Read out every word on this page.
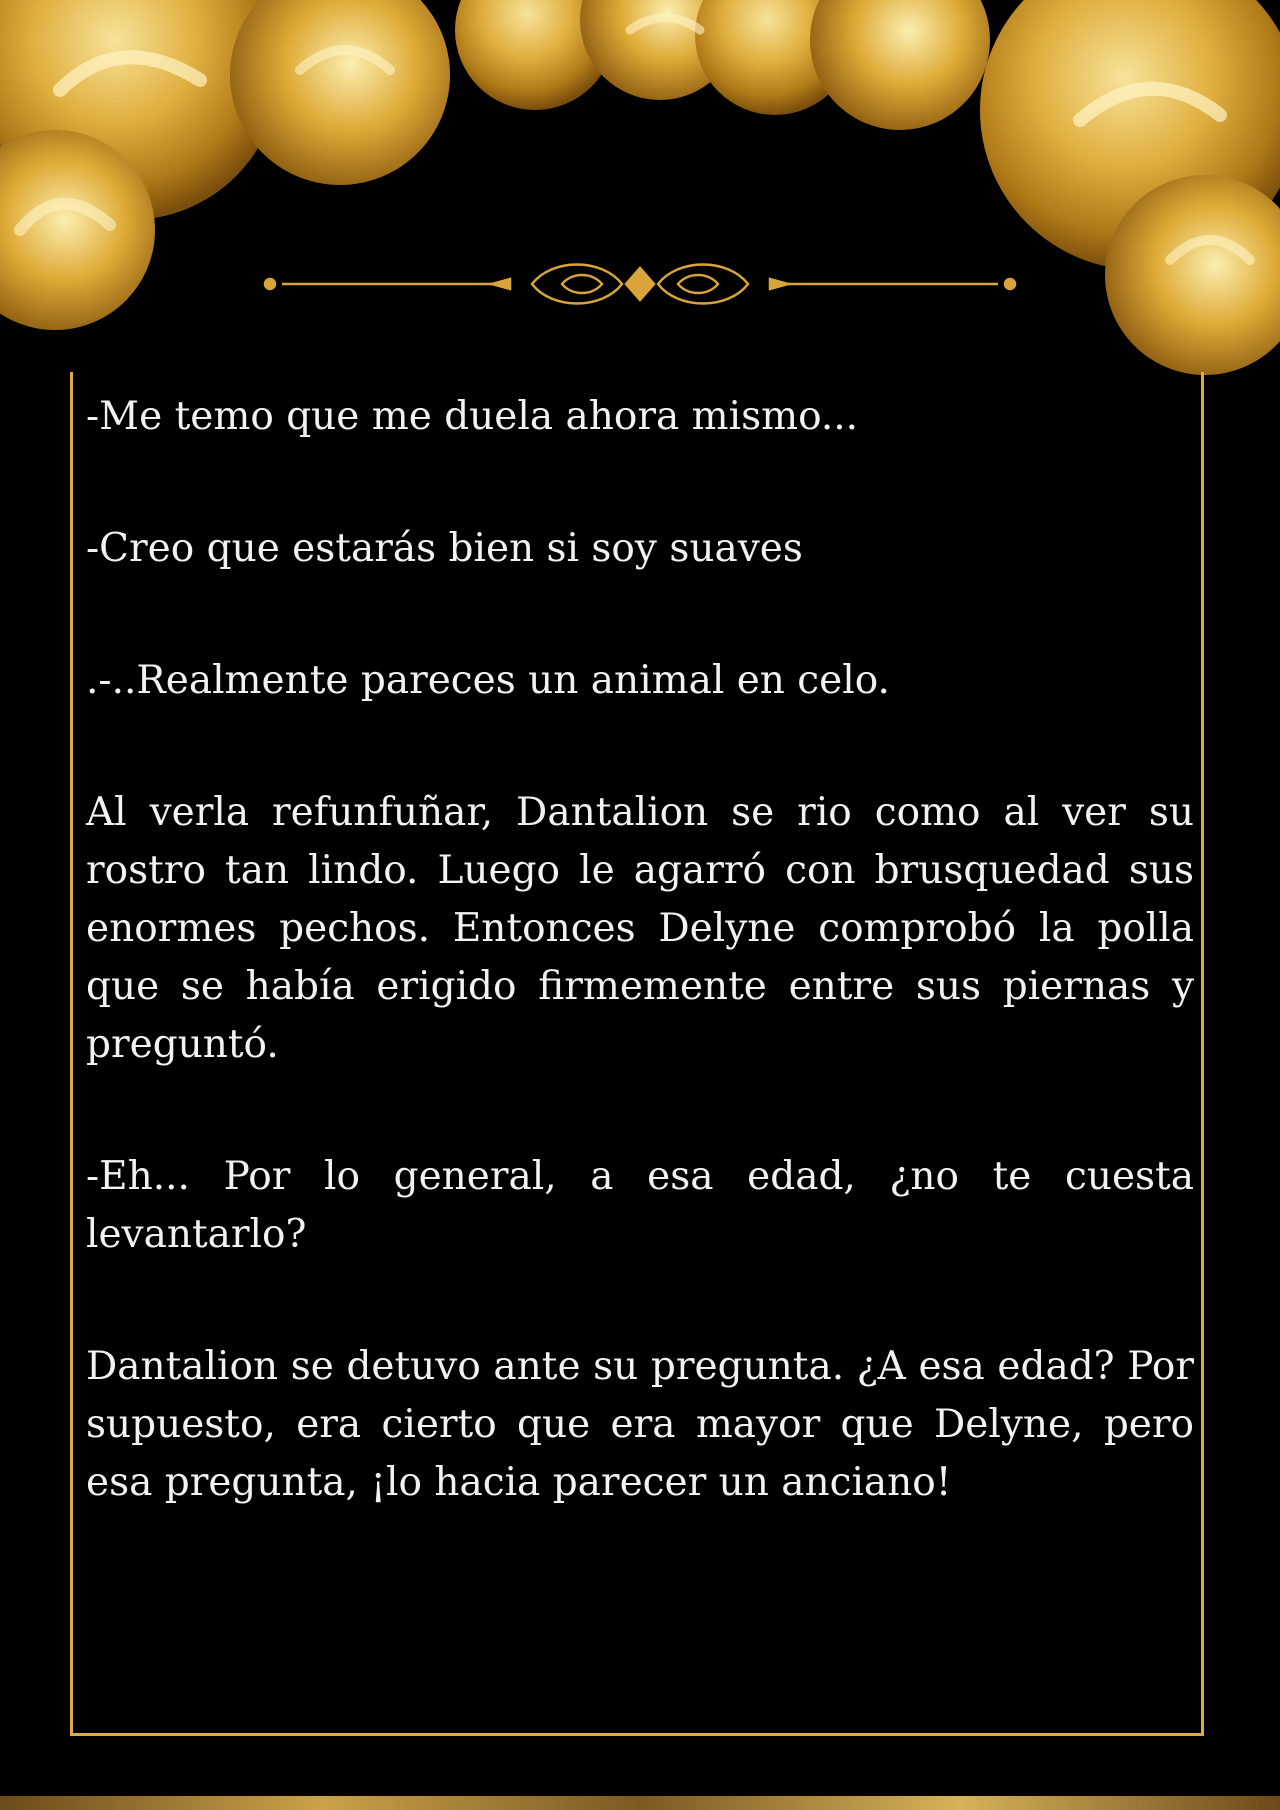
-Me temo que me duela ahora mismo...

-Creo que estarás bien si soy suaves

.-..Realmente pareces un animal en celo.

Al verla refunfuñar, Dantalion se rio como al ver su rostro tan lindo. Luego le agarró con brusquedad sus enormes pechos. Entonces Delyne comprobó la polla que se había erigido firmemente entre sus piernas y preguntó.

-Eh... Por lo general, a esa edad, ¿no te cuesta levantarlo?

Dantalion se detuvo ante su pregunta. ¿A esa edad? Por supuesto, era cierto que era mayor que Delyne, pero esa pregunta, ¡lo hacia parecer un anciano!
